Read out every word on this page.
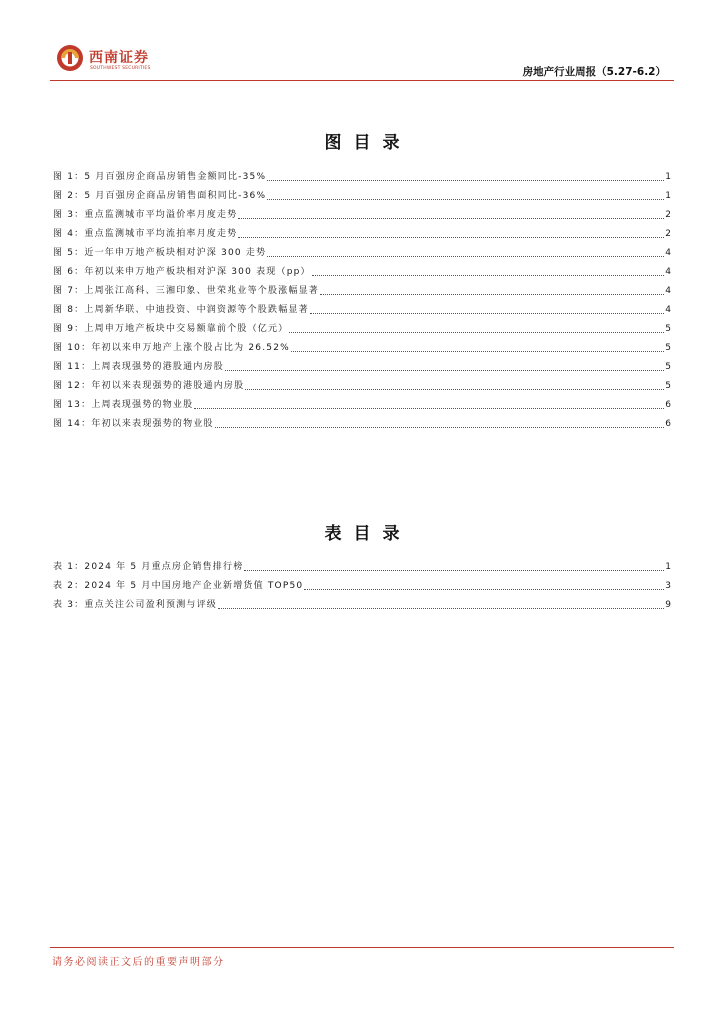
西南证券
SOUTHWEST SECURITIES	房地产行业周报（5.27-6.2）
图目录
图 1：5 月百强房企商品房销售金额同比-35%	1
图 2：5 月百强房企商品房销售面积同比-36%	1
图 3：重点监测城市平均溢价率月度走势	2
图 4：重点监测城市平均流拍率月度走势	2
图 5：近一年申万地产板块相对沪深 300 走势	4
图 6：年初以来申万地产板块相对沪深 300 表现（pp）	4
图 7：上周张江高科、三湘印象、世荣兆业等个股涨幅显著	4
图 8：上周新华联、中迪投资、中润资源等个股跌幅显著	4
图 9：上周申万地产板块中交易额靠前个股（亿元）	5
图 10：年初以来申万地产上涨个股占比为 26.52%	5
图 11：上周表现强势的港股通内房股	5
图 12：年初以来表现强势的港股通内房股	5
图 13：上周表现强势的物业股	6
图 14：年初以来表现强势的物业股	6
表目录
表 1：2024 年 5 月重点房企销售排行榜	1
表 2：2024 年 5 月中国房地产企业新增货值 TOP50	3
表 3：重点关注公司盈利预测与评级	9
请务必阅读正文后的重要声明部分
